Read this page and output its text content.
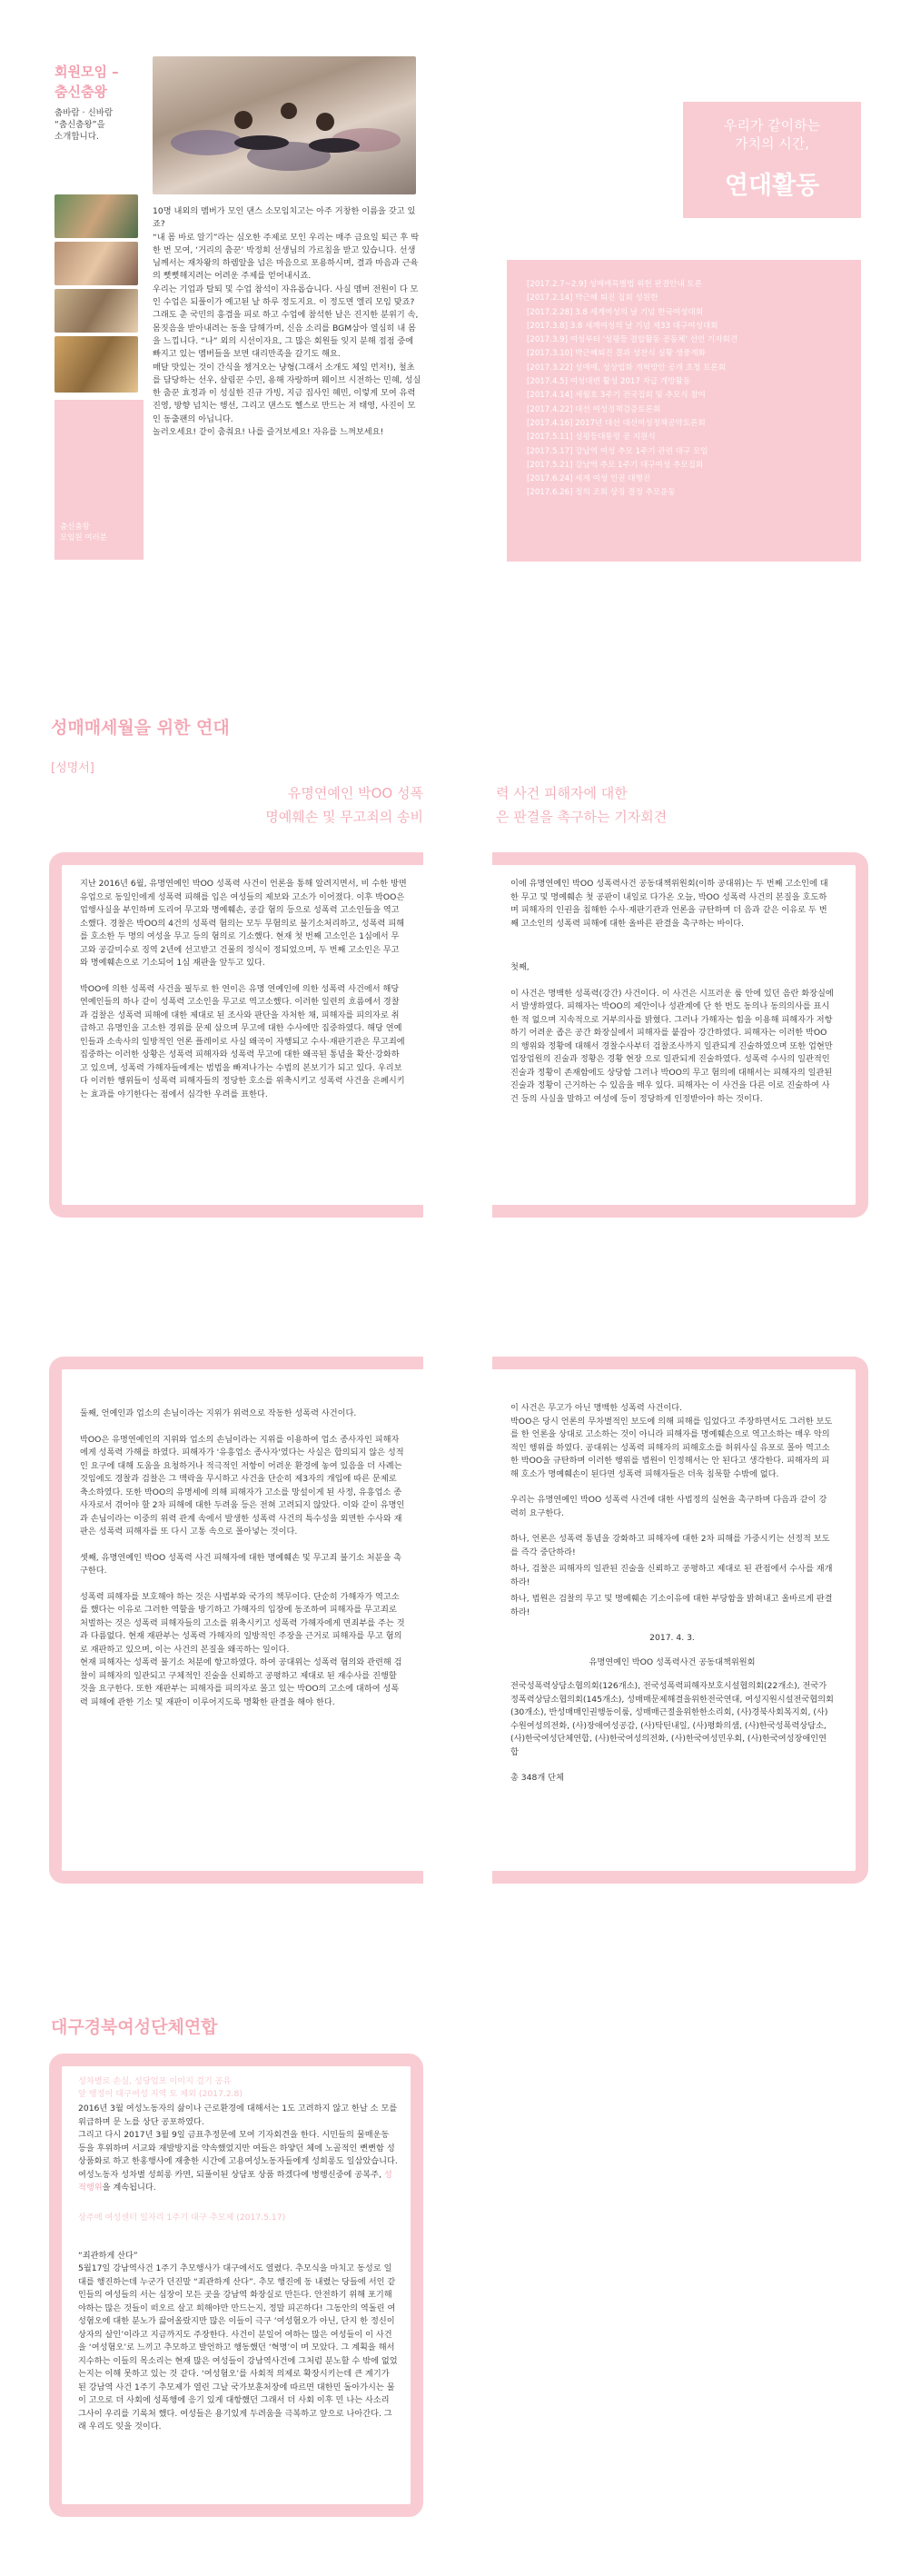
회원모임 –
춤신춤왕
춤바람 · 신바람
“춤신춤왕”을
소개합니다.
춤신춤왕
모임원 여러분

10명 내외의 멤버가 모인 댄스 소모임치고는 아주 거창한 이름을 갖고 있죠?

“내 몸 바로 알기”라는 심오한 주제로 모인 우리는 매주 금요일 퇴근 후 딱 한 번 모여, ‘거리의 춤꾼’ 박정희 선생님의 가르침을 받고 있습니다. 선생님께서는 재차왕의 하렘알을 넘은 마음으로 포용하시며, 결과 마음과 근육의 뻣뻣해지려는 어려운 주제를 얻어내시죠.

우리는 기업과 탈퇴 및 수업 참석이 자유롭습니다. 사실 멤버 전원이 다 모인 수업은 되풀이가 예고된 날 하루 정도지요. 이 정도면 엘리 모임 맞죠?

그래도 춘 국민의 흥겹을 피로 하고 수업에 참석한 날은 진지한 분위기 속, 몸짓음을 받아내려는 동을 담해가며, 신음 소리를 BGM삼아 열심히 내 몸을 느낍니다. “나” 외의 시선이자요, 그 많은 회원들 잊지 분해 접점 중에 빠지고 있는 멤버들을 보면 대리만족을 갈기도 해요.

매달 맛있는 것이 간식을 챙겨오는 냥형(그래서 소개도 체일 먼저!), 철초를 담당하는 선우, 살림꾼 수민, 용해 자랑하며 웨이브 시전하는 민혜, 성실한 춤꾼 효정과 이 성실한 진규 가빙, 지금 집사인 혜민, 이렇게 모여 유력 진영, 방향 넘치는 행선, 그리고 댄스도 헬스로 만드는 저 태영, 사진이 모인 동출팬의 아닙니다.

놀러오세요! 같이 춤춰요! 나를 즐겨보세요! 자유를 느껴보세요!

우리가 같이하는
가치의 시간,
연대활동
[2017.2.7~2.9] 성매매특별법 위헌 판결안내 토론
[2017.2.14] 박근혜 퇴진 집회 성원한
[2017.2.28] 3.8 세계여성의 날 기념 한국여성대회
[2017.3.8] 3.8 세계여성의 날 기념 제33 대구여성대회
[2017.3.9] 여성부터 '성평등 결합활동 공동체' 선언 기자회견
[2017.3.10] 박근혜퇴진 결과 성찬식 실황 생중계화
[2017.3.22] 성매매, 성상업화 개혁방안 공개 초청 토론회
[2017.4.5] 여성대변 활성 2017 자급 개방활동
[2017.4.14] 세월호 3주기 전국집회 및 추모식 참여
[2017.4.22] 대선 여성정책검증토론회
[2017.4.16] 2017년 대선 대선여성정책공약토론회
[2017.5.11] 성평등대통령 공 지원식
[2017.5.17] 강남역 여성 추모 1주기 관련 대구 모임
[2017.5.21] 강남역 추모 1주기 대구여성 추모집회
[2017.6.24] 세계 여성 인권 대행진
[2017.6.26] 정의 조회 상징 결정 추모운동
성매매세월을 위한 연대
[성명서]
유명연예인 박OO 성폭
명예훼손 및 무고죄의 송비
력 사건 피해자에 대한
은 판결을 촉구하는 기자회견

지난 2016년 6월, 유명연예인 박OO 성폭력 사건이 언론을 통해 알려지면서, 비 수한 방면 유업으로 동일인에게 성폭력 피해를 입은 여성들의 제보와 고소가 이어졌다. 이후 박OO은 업행사실을 부인하며 도리어 무고와 명예훼손, 공갈 혐의 등으로 성폭력 고소인들을 역고소했다. 경찰은 박OO의 4건의 성폭력 혐의는 모두 무혐의로 불기소처리하고, 성폭력 피해를 호소한 두 명의 여성을 무고 등의 혐의로 기소했다. 현재 첫 번째 고소인은 1심에서 무고와 공갈미수로 징역 2년에 선고받고 건물의 정식이 정되었으며, 두 번째 고소인은 무고와 명예훼손으로 기소되어 1심 재판을 앞두고 있다.

박OO에 의한 성폭력 사건을 필두로 한 연이은 유명 연예인에 의한 성폭력 사건에서 해당 연예인들의 하나 같이 성폭력 고소인을 무고로 역고소했다. 이러한 일련의 흐름에서 경찰과 검찰은 성폭력 피해에 대한 제대로 된 조사와 판단을 자처한 채, 피해자를 피의자로 취급하고 유명인을 고소한 경위를 문제 삼으며 무고에 대한 수사에만 집중하였다. 해당 연예인들과 소속사의 일방적인 언론 플레이로 사실 왜곡이 자행되고 수사·재판기관은 무고죄에 집중하는 이러한 상황은 성폭력 피해자와 성폭력 무고에 대한 왜곡된 통념을 확산·강화하고 있으며, 성폭력 가해자들에게는 범법을 빠져나가는 수법의 본보기가 되고 있다. 우리보다 이러한 행위들이 성폭력 피해자들의 정당한 호소를 위축시키고 성폭력 사건을 은폐시키는 효과를 야기한다는 점에서 심각한 우려를 표한다.

이에 유명연예인 박OO 성폭력사건 공동대책위원회(이하 공대위)는 두 번째 고소인에 대한 무고 및 명예훼손 첫 공판이 내일로 다가온 오늘, 박OO 성폭력 사건의 본질을 호도하며 피해자의 인권을 침해한 수사·재판기관과 언론을 규탄하며 더 음과 같은 이유로 두 번째 고소인의 성폭력 피해에 대한 올바른 판결을 촉구하는 바이다.

첫째,

이 사건은 명백한 성폭력(강간) 사건이다. 이 사건은 시프러운 룸 안에 있던 음란 화장실에서 발생하였다. 피해자는 박OO의 제안이나 성관계에 단 한 번도 동의나 동의의사를 표시한 적 없으며 지속적으로 거부의사를 밝혔다. 그러나 가해자는 힘을 이용해 피해자가 저항하기 어려운 좁은 공간 화장실에서 피해자를 붙잡아 강간하였다. 피해자는 이러한 박OO의 행위와 정황에 대해서 경찰수사부터 검찰조사까지 일관되게 진술하였으며 또한 업현만 업장업원의 진술과 정황은 경황 현장 으로 일관되게 진술하였다. 성폭력 수사의 일관적인 진술과 정황이 존재함에도 상당함 그러나 박OO의 무고 혐의에 대해서는 피해자의 일관된 진술과 정황이 근거하는 수 있음을 매우 있다. 피해자는 이 사건을 다른 이로 진술하여 사건 등의 사실을 말하고 여성에 등이 정당하게 인정받아야 하는 것이다.

둘째, 언예인과 업소의 손님이라는 지위가 위력으로 작동한 성폭력 사건이다.

박OO은 유명연예인의 지위와 업소의 손님이라는 지위를 이용하여 업소 종사자인 피해자에게 성폭력 가해를 하였다. 피해자가 '유흥업소 종사자'였다는 사실은 합의되지 않은 성적인 요구에 대해 도움을 요청하거나 적극적인 저항이 어려운 환경에 놓여 있음을 더 사례는 것임에도 경찰과 검찰은 그 맥락을 무시하고 사건을 단순히 제3자의 개입에 따른 문제로 축소하였다. 또한 박OO의 유명세에 의해 피해자가 고소를 망설이게 된 사정, 유흥업소 종사자로서 겪어야 할 2차 피해에 대한 두려움 등은 전혀 고려되지 않았다. 이와 같이 유명인과 손님이라는 이중의 위력 관계 속에서 발생한 성폭력 사건의 특수성을 외면한 수사와 재판은 성폭력 피해자를 또 다시 고통 속으로 몰아넣는 것이다.

셋째, 유명연예인 박OO 성폭력 사건 피해자에 대한 명예훼손 및 무고죄 불기소 처분을 촉구한다.

성폭력 피해자를 보호해야 하는 것은 사법부와 국가의 책무이다. 단순히 가해자가 역고소를 했다는 이유로 그러한 역할을 방기하고 가해자의 입장에 동조하여 피해자를 무고죄로 처벌하는 것은 성폭력 피해자들의 고소를 위축시키고 성폭력 가해자에게 면죄부를 주는 것과 다름없다. 현재 재판부는 성폭력 가해자의 일방적인 주장을 근거로 피해자를 무고 혐의로 재판하고 있으며, 이는 사건의 본질을 왜곡하는 일이다.

현재 피해자는 성폭력 불기소 처분에 항고하였다. 하여 공대위는 성폭력 혐의와 관련해 검찰이 피해자의 일관되고 구체적인 진술을 신뢰하고 공평하고 제대로 된 재수사를 진행할 것을 요구한다. 또한 재판부는 피해자를 피의자로 몰고 있는 박OO의 고소에 대하여 성폭력 피해에 관한 기소 및 재판이 이루어지도록 명확한 판결을 해야 한다.

이 사건은 무고가 아닌 명백한 성폭력 사건이다.

박OO은 당시 언론의 무차별적인 보도에 의해 피해를 입었다고 주장하면서도 그러한 보도를 한 언론을 상대로 고소하는 것이 아니라 피해자를 명예훼손으로 역고소하는 매우 악의적인 행위를 하였다. 공대위는 성폭력 피해자의 피해호소를 허위사실 유포로 몰아 역고소한 박OO을 규탄하며 이러한 행위를 법원이 인정해서는 안 된다고 생각한다. 피해자의 피해 호소가 명예훼손이 된다면 성폭력 피해자들은 더욱 침묵할 수밖에 없다.

우리는 유명연예인 박OO 성폭력 사건에 대한 사법정의 실현을 촉구하며 다음과 같이 강력히 요구한다.

하나, 언론은 성폭력 통념을 강화하고 피해자에 대한 2차 피해를 가중시키는 선정적 보도를 즉각 중단하라!

하나, 검찰은 피해자의 일관된 진술을 신뢰하고 공평하고 제대로 된 관점에서 수사를 재개하라!

하나, 법원은 검찰의 무고 및 명예훼손 기소이유에 대한 부당함을 밝혀내고 올바르게 판결하라!

2017. 4. 3.

유명연예인 박OO 성폭력사건 공동대책위원회

전국성폭력상담소협의회(126개소), 전국성폭력피해자보호시설협의회(22개소), 전국가정폭력상담소협의회(145개소), 성매매문제해결을위한전국연대, 여성지원시설전국협의회(30개소), 반성매매인권행동이룸, 성매매근절을위한한소리회, (사)경북사회복지회, (사)수원여성의전화, (사)장애여성공감, (사)탁틴내일, (사)평화의샘, (사)한국성폭력상담소, (사)한국여성단체연합, (사)한국여성의전화, (사)한국여성민우회, (사)한국여성장애인연합

총 348개 단체

대구경북여성단체연합
성차별로 손실, 성당업포 이미지 걸기 공유
앞 행정이 대구여성 지역 토 제외 (2017.2.8)

2016년 3월 여성노동자의 삶이나 근로환경에 대해서는 1도 고려하지 않고 한날 소 모를 위급하며 문 노를 상단 공포하였다.

그리고 다시 2017년 3월 9일 금표추정문에 모여 기자회견을 한다. 시민들의 물매운동 등을 후위하며 서교와 재발방지를 약속했었지만 여들은 하얗던 체에 노골적인 뻔뻔함 성상품화로 하고 한홍행사에 재충한 시간에 고용여성노동자들에게 성희롱도 일삼았습니다. 여성노동자 성차별 성희롱 카면, 되풀이된 상담포 상품 하겠다에 병행신중에 공복주, 성적행위을 계속됩니다.

상주에 여성센터 일자리 1주기 대구 추모제 (2017.5.17)
“죄관하게 산다”

5월17일 강남역사건 1주기 추모행사가 대구에서도 열렸다. 추모식을 마치고 동성로 일대를 행진하는데 누군가 던진말 “죄관하게 산다”. 추모 행진에 동 내렸는 당들에 서인 같인들의 여성들의 서는 심장이 모든 곳을 강남역 화장실로 만든다. 안전하기 위해 포기해야하는 많은 것들이 떠오르 살고 희해야만 만드는지, 정말 피곤하다! 그동안의 역돌린 여성혐오에 대한 분노가 끓어올랐지만 많은 이들이 극구 ‘여성혐오가 아닌, 단지 한 정신이상자의 살인’이라고 지금까지도 주장한다. 사건이 분일어 여하는 많은 여성들이 이 사건을 ‘여성혐오’로 느끼고 추모하고 발언하고 행동했던 ‘혁명’이 며 모았다. 그 계획을 해서 지수하는 이들의 목소리는 현재 많은 여성들이 강남역사건에 그처럼 분노할 수 밖에 없었는지는 이해 못하고 있는 것 같다. ‘여성혐오’를 사회적 의제로 확장시키는데 큰 계기가 된 강남역 사건 1주기 추모제가 열린 그날 국가보훈처장에 따르면 대한민 돌아가시는 물이 고으로 더 사회에 성폭행에 응기 있게 대항했던 그래서 더 사회 이후 민 나는 사소리 그사이 우리를 기록처 했다. 여성들은 용기있게 두려움을 극복하고 앞으로 나아간다. 그래 우리도 잊을 것이다.
